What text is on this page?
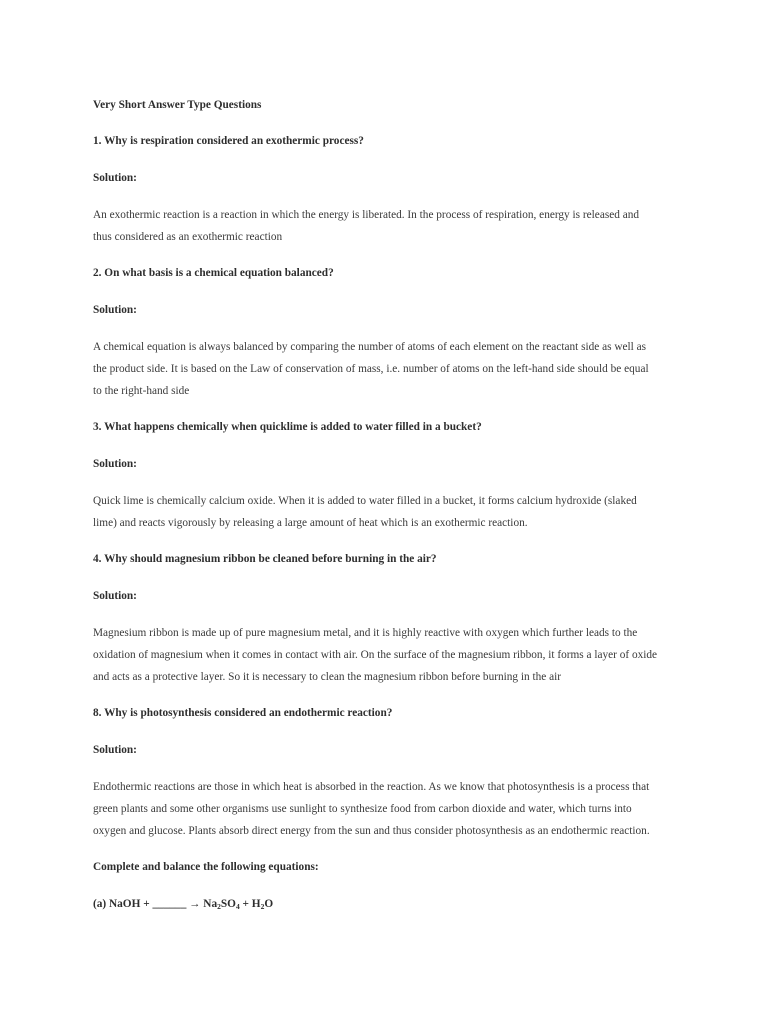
Very Short Answer Type Questions

1. Why is respiration considered an exothermic process?

Solution:

An exothermic reaction is a reaction in which the energy is liberated. In the process of respiration, energy is released and

thus considered as an exothermic reaction

2. On what basis is a chemical equation balanced?

Solution:

A chemical equation is always balanced by comparing the number of atoms of each element on the reactant side as well as

the product side. It is based on the Law of conservation of mass, i.e. number of atoms on the left-hand side should be equal

to the right-hand side

3. What happens chemically when quicklime is added to water filled in a bucket?

Solution:

Quick lime is chemically calcium oxide. When it is added to water filled in a bucket, it forms calcium hydroxide (slaked

lime) and reacts vigorously by releasing a large amount of heat which is an exothermic reaction.

4. Why should magnesium ribbon be cleaned before burning in the air?

Solution:

Magnesium ribbon is made up of pure magnesium metal, and it is highly reactive with oxygen which further leads to the

oxidation of magnesium when it comes in contact with air. On the surface of the magnesium ribbon, it forms a layer of oxide

and acts as a protective layer. So it is necessary to clean the magnesium ribbon before burning in the air

8. Why is photosynthesis considered an endothermic reaction?

Solution:

Endothermic reactions are those in which heat is absorbed in the reaction. As we know that photosynthesis is a process that

green plants and some other organisms use sunlight to synthesize food from carbon dioxide and water, which turns into

oxygen and glucose. Plants absorb direct energy from the sun and thus consider photosynthesis as an endothermic reaction.

Complete and balance the following equations:

(a) NaOH + ______ → $Na_2SO_4 + H_2O$
